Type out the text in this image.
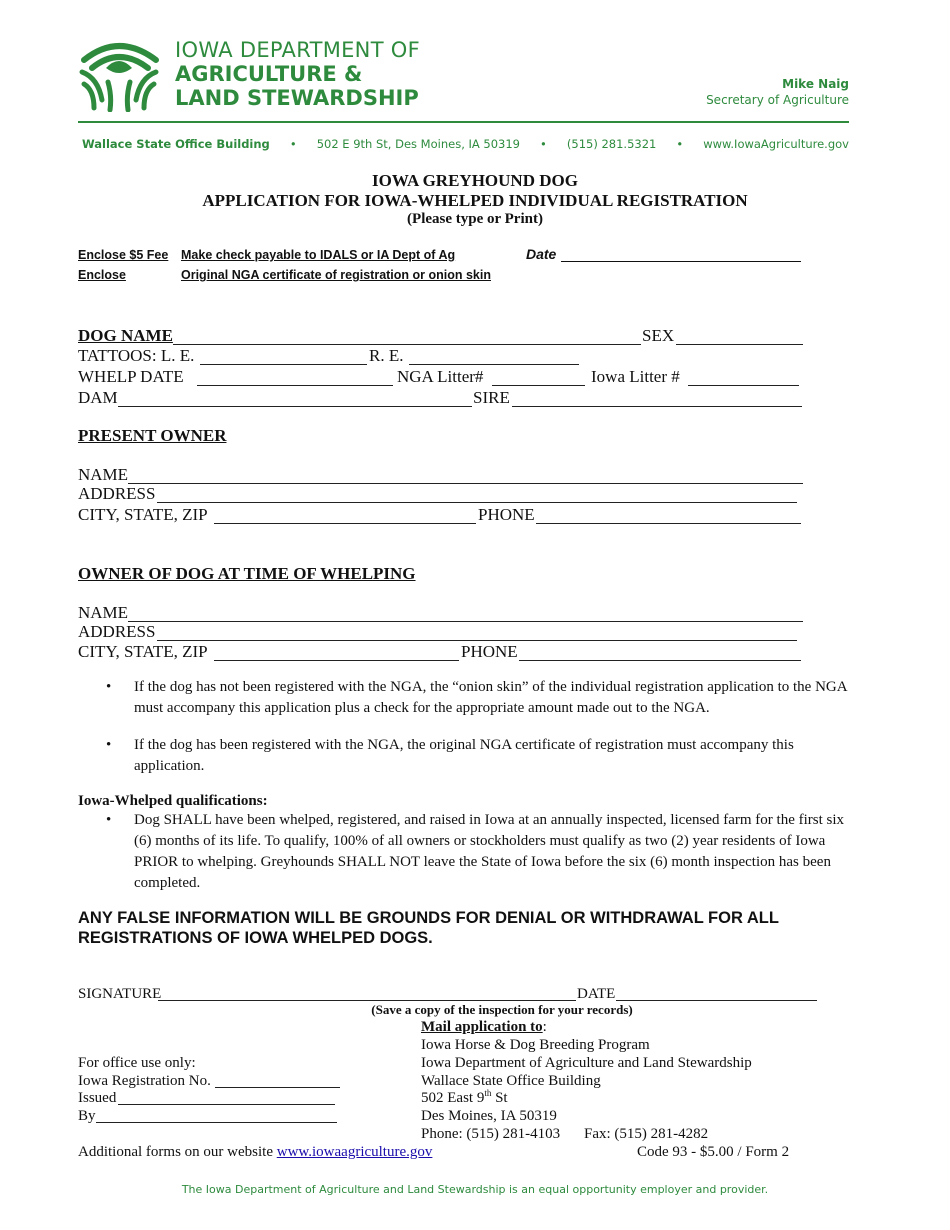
IOWA DEPARTMENT OF
AGRICULTURE &
LAND STEWARDSHIP
Mike Naig
Secretary of Agriculture
Wallace State Office Building • 502 E 9th St, Des Moines, IA 50319 • (515) 281.5321 • www.IowaAgriculture.gov
IOWA GREYHOUND DOG
APPLICATION FOR IOWA-WHELPED INDIVIDUAL REGISTRATION
(Please type or Print)
Enclose $5 Fee Make check payable to IDALS or IA Dept of Ag	Date
Enclose	Original NGA certificate of registration or onion skin
DOG NAME	SEX
TATTOOS: L. E.	R. E.
WHELP DATE	NGA Litter#	Iowa Litter #
DAM	SIRE
PRESENT OWNER
NAME
ADDRESS
CITY, STATE, ZIP	PHONE
OWNER OF DOG AT TIME OF WHELPING
NAME
ADDRESS
CITY, STATE, ZIP	PHONE
• If the dog has not been registered with the NGA, the “onion skin” of the individual registration application to the NGA must accompany this application plus a check for the appropriate amount made out to the NGA.
• If the dog has been registered with the NGA, the original NGA certificate of registration must accompany this application.
Iowa-Whelped qualifications:
• Dog SHALL have been whelped, registered, and raised in Iowa at an annually inspected, licensed farm for the first six (6) months of its life. To qualify, 100% of all owners or stockholders must qualify as two (2) year residents of Iowa PRIOR to whelping. Greyhounds SHALL NOT leave the State of Iowa before the six (6) month inspection has been completed.
ANY FALSE INFORMATION WILL BE GROUNDS FOR DENIAL OR WITHDRAWAL FOR ALL
REGISTRATIONS OF IOWA WHELPED DOGS.
SIGNATURE	DATE
(Save a copy of the inspection for your records)
Mail application to:
Iowa Horse & Dog Breeding Program
Iowa Department of Agriculture and Land Stewardship
Wallace State Office Building
502 East 9th St
Des Moines, IA 50319
Phone: (515) 281-4103 Fax: (515) 281-4282
For office use only:
Iowa Registration No.
Issued
By
Additional forms on our website www.iowaagriculture.gov	Code 93 - $5.00 / Form 2
The Iowa Department of Agriculture and Land Stewardship is an equal opportunity employer and provider.
